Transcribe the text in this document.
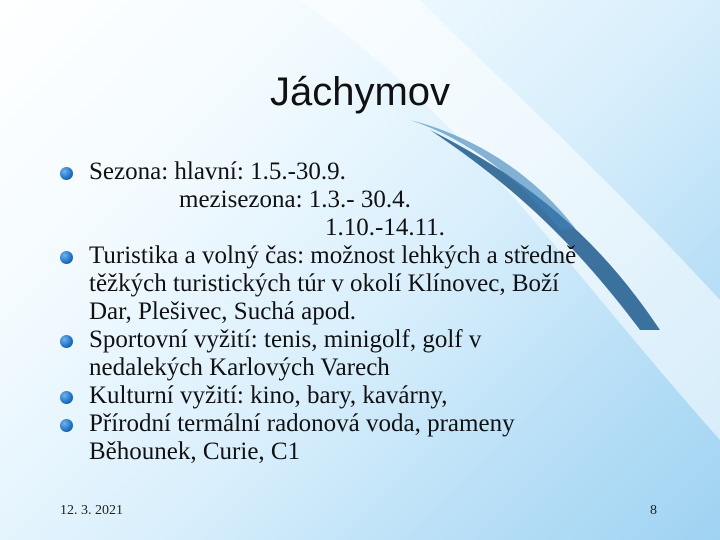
Jáchymov
Sezona: hlavní: 1.5.-30.9.
mezisezona: 1.3.- 30.4.
1.10.-14.11.
Turistika a volný čas: možnost lehkých a středně
těžkých turistických túr v okolí Klínovec, Boží
Dar, Plešivec, Suchá apod.
Sportovní vyžití: tenis, minigolf, golf v
nedalekých Karlových Varech
Kulturní vyžití: kino, bary, kavárny,
Přírodní termální radonová voda, prameny
Běhounek, Curie, C1
12. 3. 2021	8
